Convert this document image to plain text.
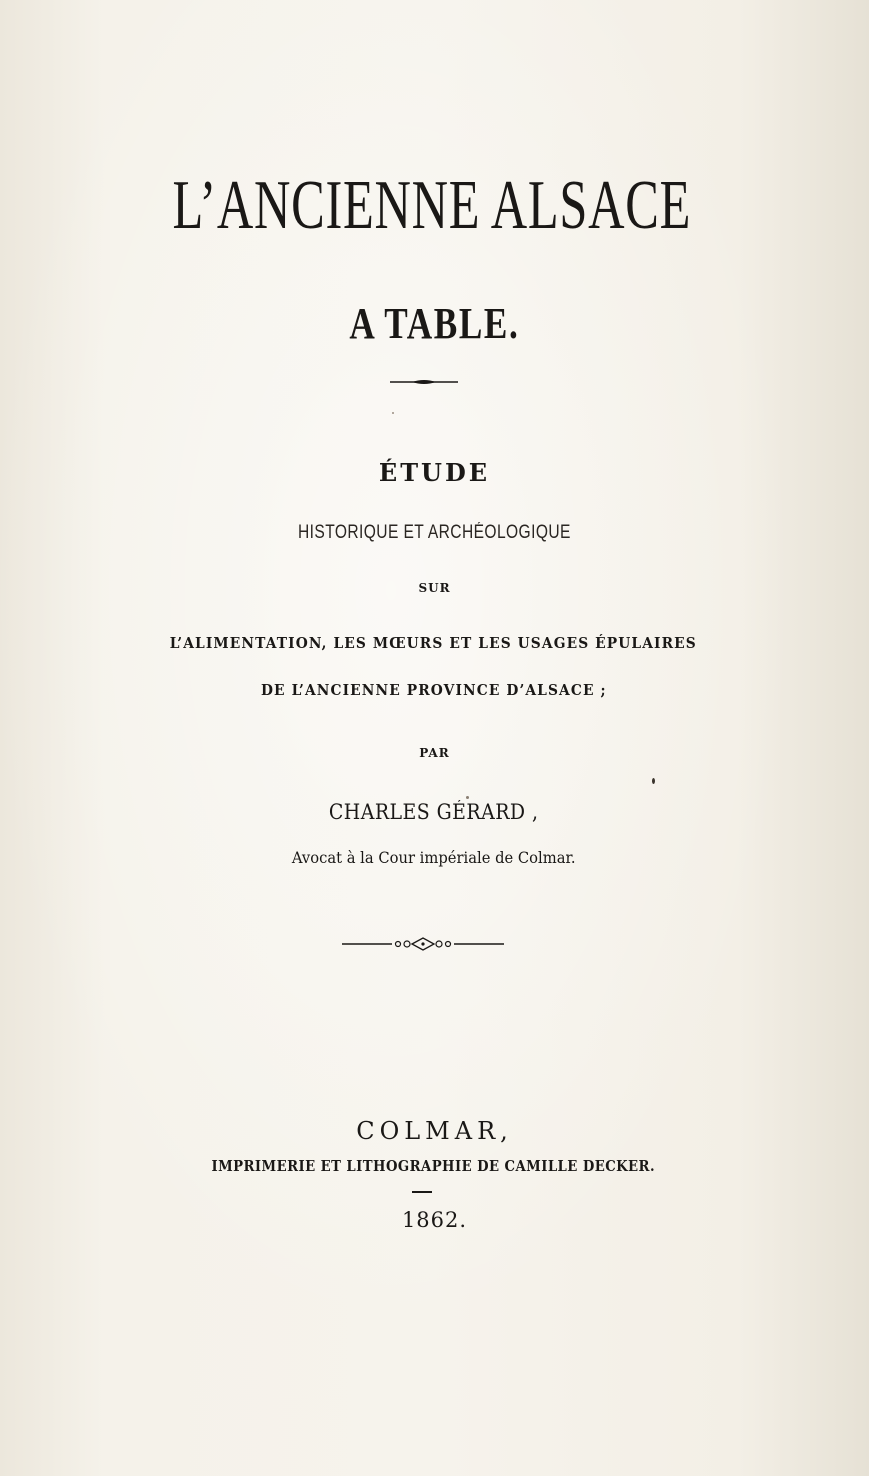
L’ANCIENNE ALSACE
A TABLE.
ÉTUDE
HISTORIQUE ET ARCHÉOLOGIQUE
SUR
L’ALIMENTATION, LES MŒURS ET LES USAGES ÉPULAIRES
DE L’ANCIENNE PROVINCE D’ALSACE ;
PAR
CHARLES GÉRARD ,
Avocat à la Cour impériale de Colmar.
COLMAR,
IMPRIMERIE ET LITHOGRAPHIE DE CAMILLE DECKER.
1862.
